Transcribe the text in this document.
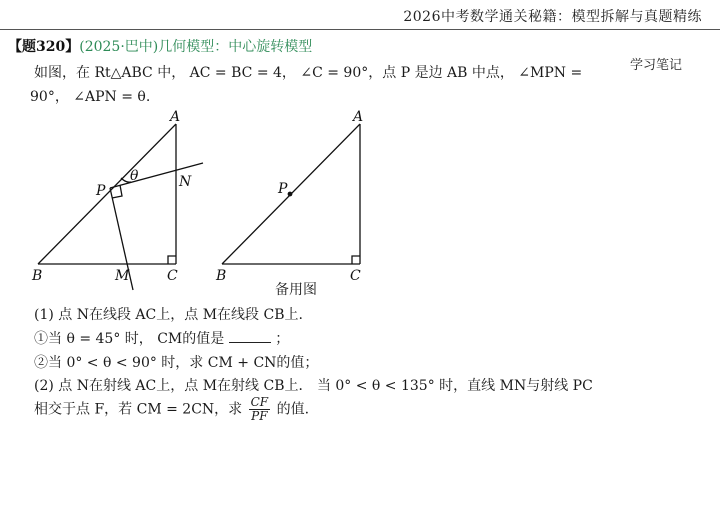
2026中考数学通关秘籍：模型拆解与真题精练
【题320】(2025·巴中)几何模型：中心旋转模型
学习笔记
如图，在 Rt△ABC 中， AC = BC = 4， ∠C = 90°，点 P 是边 AB 中点， ∠MPN =
90°， ∠APN = θ.
A
B	C
P
N
M
θ
A
B	C
P
备用图
(1) 点 N在线段 AC上，点 M在线段 CB上.
①当 θ = 45° 时， CM的值是	；
②当 0° < θ < 90° 时，求 CM + CN的值；
(2) 点 N在射线 AC上，点 M在射线 CB上． 当 0° < θ < 135° 时，直线 MN与射线 PC
相交于点 F，若 CM = 2CN，求 $\frac{CF}{PF}$ 的值.
